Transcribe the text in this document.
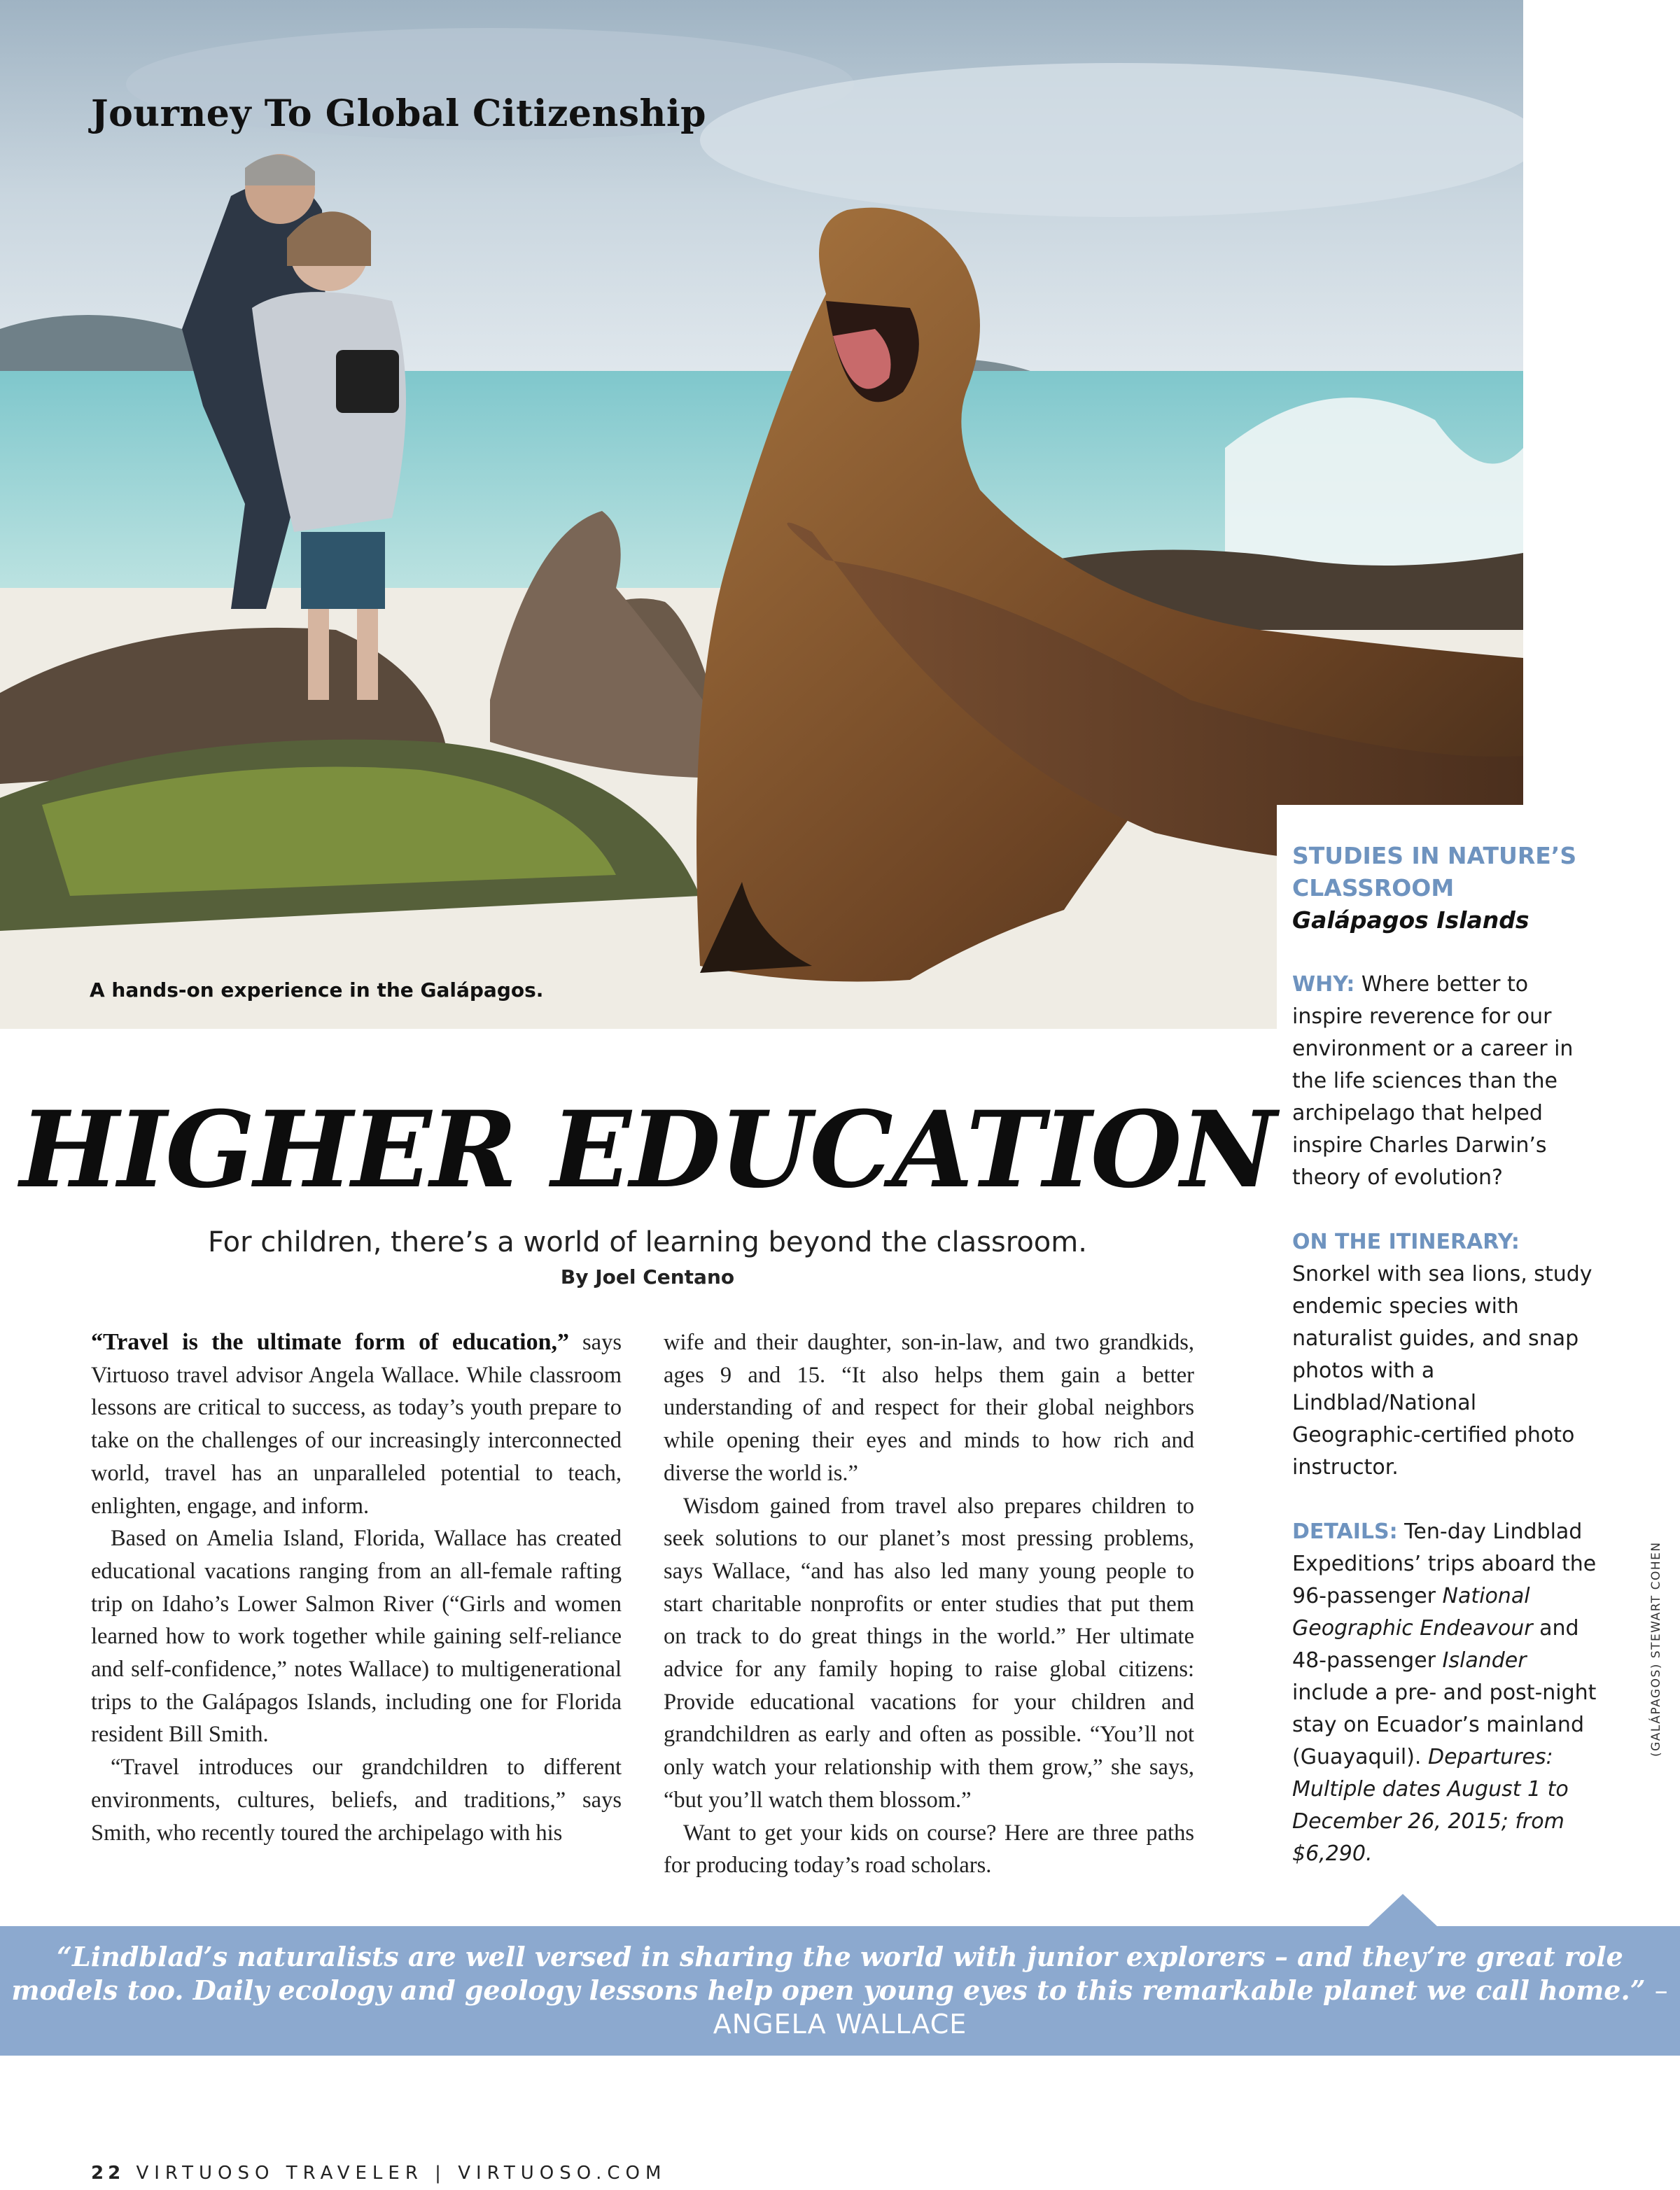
Journey To Global Citizenship
A hands-on experience in the Galápagos.
STUDIES IN NATURE’S CLASSROOM
Galápagos Islands
WHY: Where better to inspire reverence for our environment or a career in the life sciences than the archipelago that helped inspire Charles Darwin’s theory of evolution?
ON THE ITINERARY:
Snorkel with sea lions, study endemic species with naturalist guides, and snap photos with a Lindblad/National Geographic-certified photo instructor.
DETAILS: Ten-day Lindblad Expeditions’ trips aboard the 96-passenger National Geographic Endeavour and 48-passenger Islander include a pre- and post-night stay on Ecuador’s mainland (Guayaquil). Departures: Multiple dates August 1 to December 26, 2015; from $6,290.
(GALÁPAGOS) STEWART COHEN
HIGHER EDUCATION
For children, there’s a world of learning beyond the classroom.
By Joel Centano

“Travel is the ultimate form of education,” says Virtuoso travel advisor Angela Wallace. While classroom lessons are critical to success, as today’s youth prepare to take on the challenges of our increasingly interconnected world, travel has an unparalleled potential to teach, enlighten, engage, and inform.

Based on Amelia Island, Florida, Wallace has created educational vacations ranging from an all-female rafting trip on Idaho’s Lower Salmon River (“Girls and women learned how to work together while gaining self-reliance and self-confidence,” notes Wallace) to multigenerational trips to the Galápagos Islands, including one for Florida resident Bill Smith.

“Travel introduces our grandchildren to different environments, cultures, beliefs, and traditions,” says Smith, who recently toured the archipelago with his

wife and their daughter, son-in-law, and two grandkids, ages 9 and 15. “It also helps them gain a better understanding of and respect for their global neighbors while opening their eyes and minds to how rich and diverse the world is.”

Wisdom gained from travel also prepares children to seek solutions to our planet’s most pressing problems, says Wallace, “and has also led many young people to start charitable nonprofits or enter studies that put them on track to do great things in the world.” Her ultimate advice for any family hoping to raise global citizens: Provide educational vacations for your children and grandchildren as early and often as possible. “You’ll not only watch your relationship with them grow,” she says, “but you’ll watch them blossom.”

Want to get your kids on course? Here are three paths for producing today’s road scholars.

“Lindblad’s naturalists are well versed in sharing the world with junior explorers – and they’re great role models too. Daily ecology and geology lessons help open young eyes to this remarkable planet we call home.” – ANGELA WALLACE
22 VIRTUOSO TRAVELER | VIRTUOSO.COM
